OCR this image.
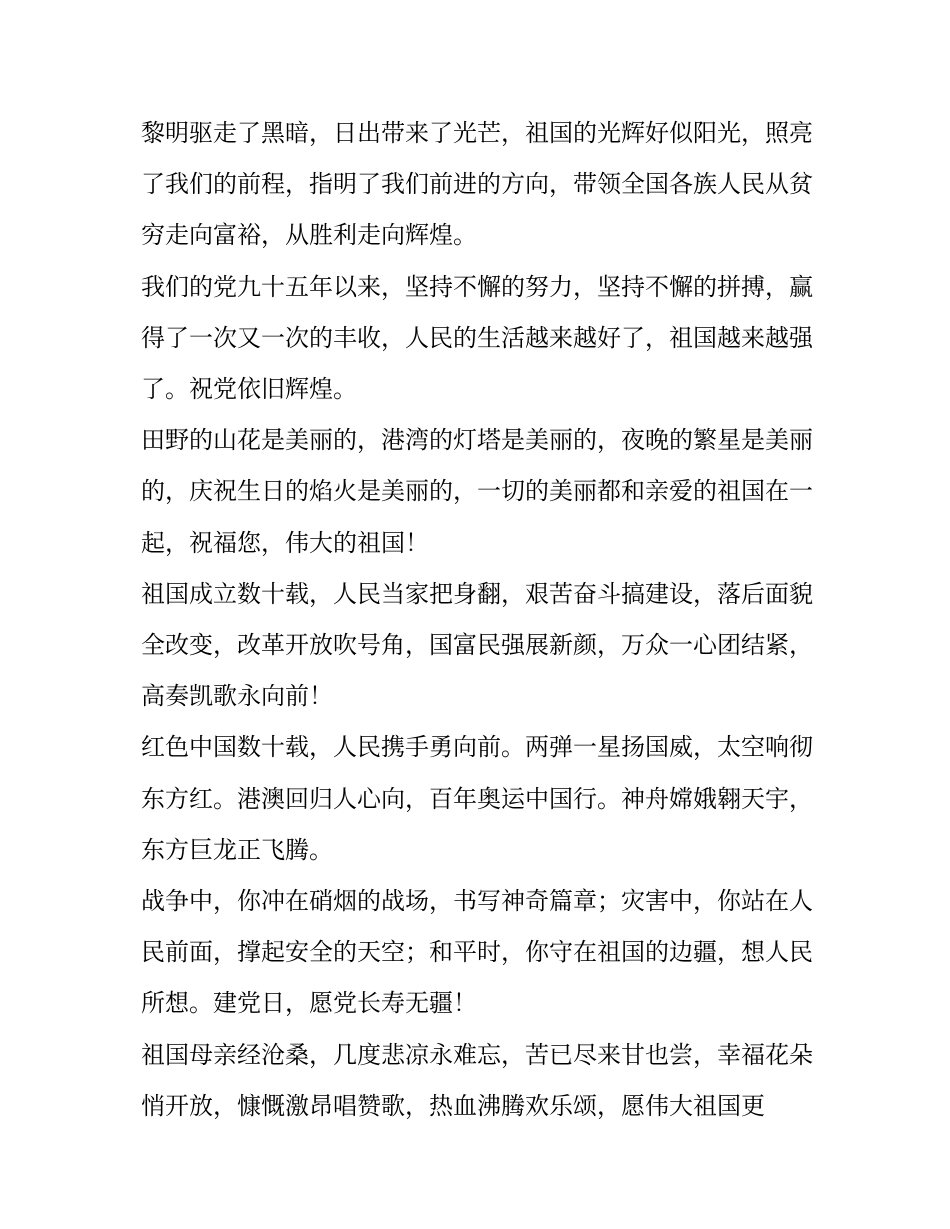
黎明驱走了黑暗，日出带来了光芒，祖国的光辉好似阳光，照亮了我们的前程，指明了我们前进的方向，带领全国各族人民从贫穷走向富裕，从胜利走向辉煌。

我们的党九十五年以来，坚持不懈的努力，坚持不懈的拼搏，赢得了一次又一次的丰收，人民的生活越来越好了，祖国越来越强了。祝党依旧辉煌。

田野的山花是美丽的，港湾的灯塔是美丽的，夜晚的繁星是美丽的，庆祝生日的焰火是美丽的，一切的美丽都和亲爱的祖国在一起，祝福您，伟大的祖国！

祖国成立数十载，人民当家把身翻，艰苦奋斗搞建设，落后面貌全改变，改革开放吹号角，国富民强展新颜，万众一心团结紧，高奏凯歌永向前！

红色中国数十载，人民携手勇向前。两弹一星扬国威，太空响彻东方红。港澳回归人心向，百年奥运中国行。神舟嫦娥翱天宇，东方巨龙正飞腾。

战争中，你冲在硝烟的战场，书写神奇篇章；灾害中，你站在人民前面，撑起安全的天空；和平时，你守在祖国的边疆，想人民所想。建党日，愿党长寿无疆！

祖国母亲经沧桑，几度悲凉永难忘，苦已尽来甘也尝，幸福花朵悄开放，慷慨激昂唱赞歌，热血沸腾欢乐颂，愿伟大祖国更
